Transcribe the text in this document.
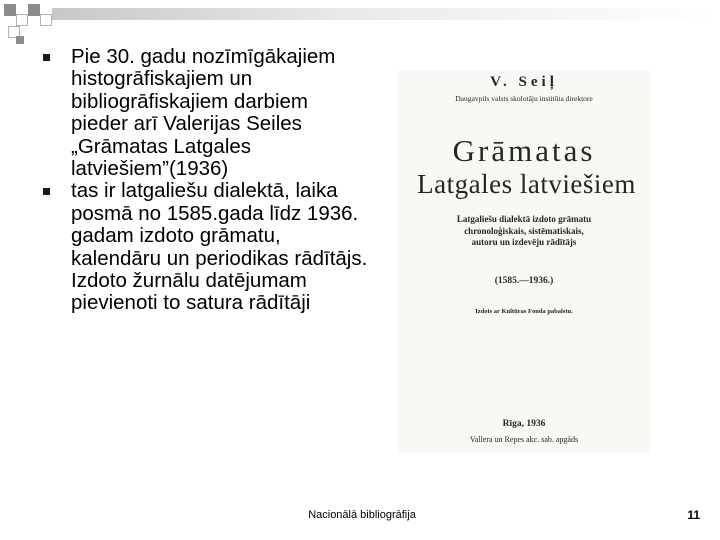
Pie 30. gadu nozīmīgākajiem histogrāfiskajiem un bibliogrāfiskajiem darbiem pieder arī Valerijas Seiles „Grāmatas Latgales latviešiem”(1936)
tas ir latgaliešu dialektā, laika posmā no 1585.gada līdz 1936. gadam izdoto grāmatu, kalendāru un periodikas rādītājs. Izdoto žurnālu datējumam pievienoti to satura rādītāji
V. Seiļ
Daugavpils valsts skolotāju institūta direktore
Grāmatas
Latgales latviešiem
Latgaliešu dialektā izdoto grāmatu
chronoloģiskais, sistēmatiskais,
autoru un izdevēju rādītājs
(1585.—1936.)
Izdots ar Kultūras Fonda pabalstu.
Rīga, 1936
Vallera un Repes akc. sab. apgāds
Nacionālā bibliogrāfija	11
